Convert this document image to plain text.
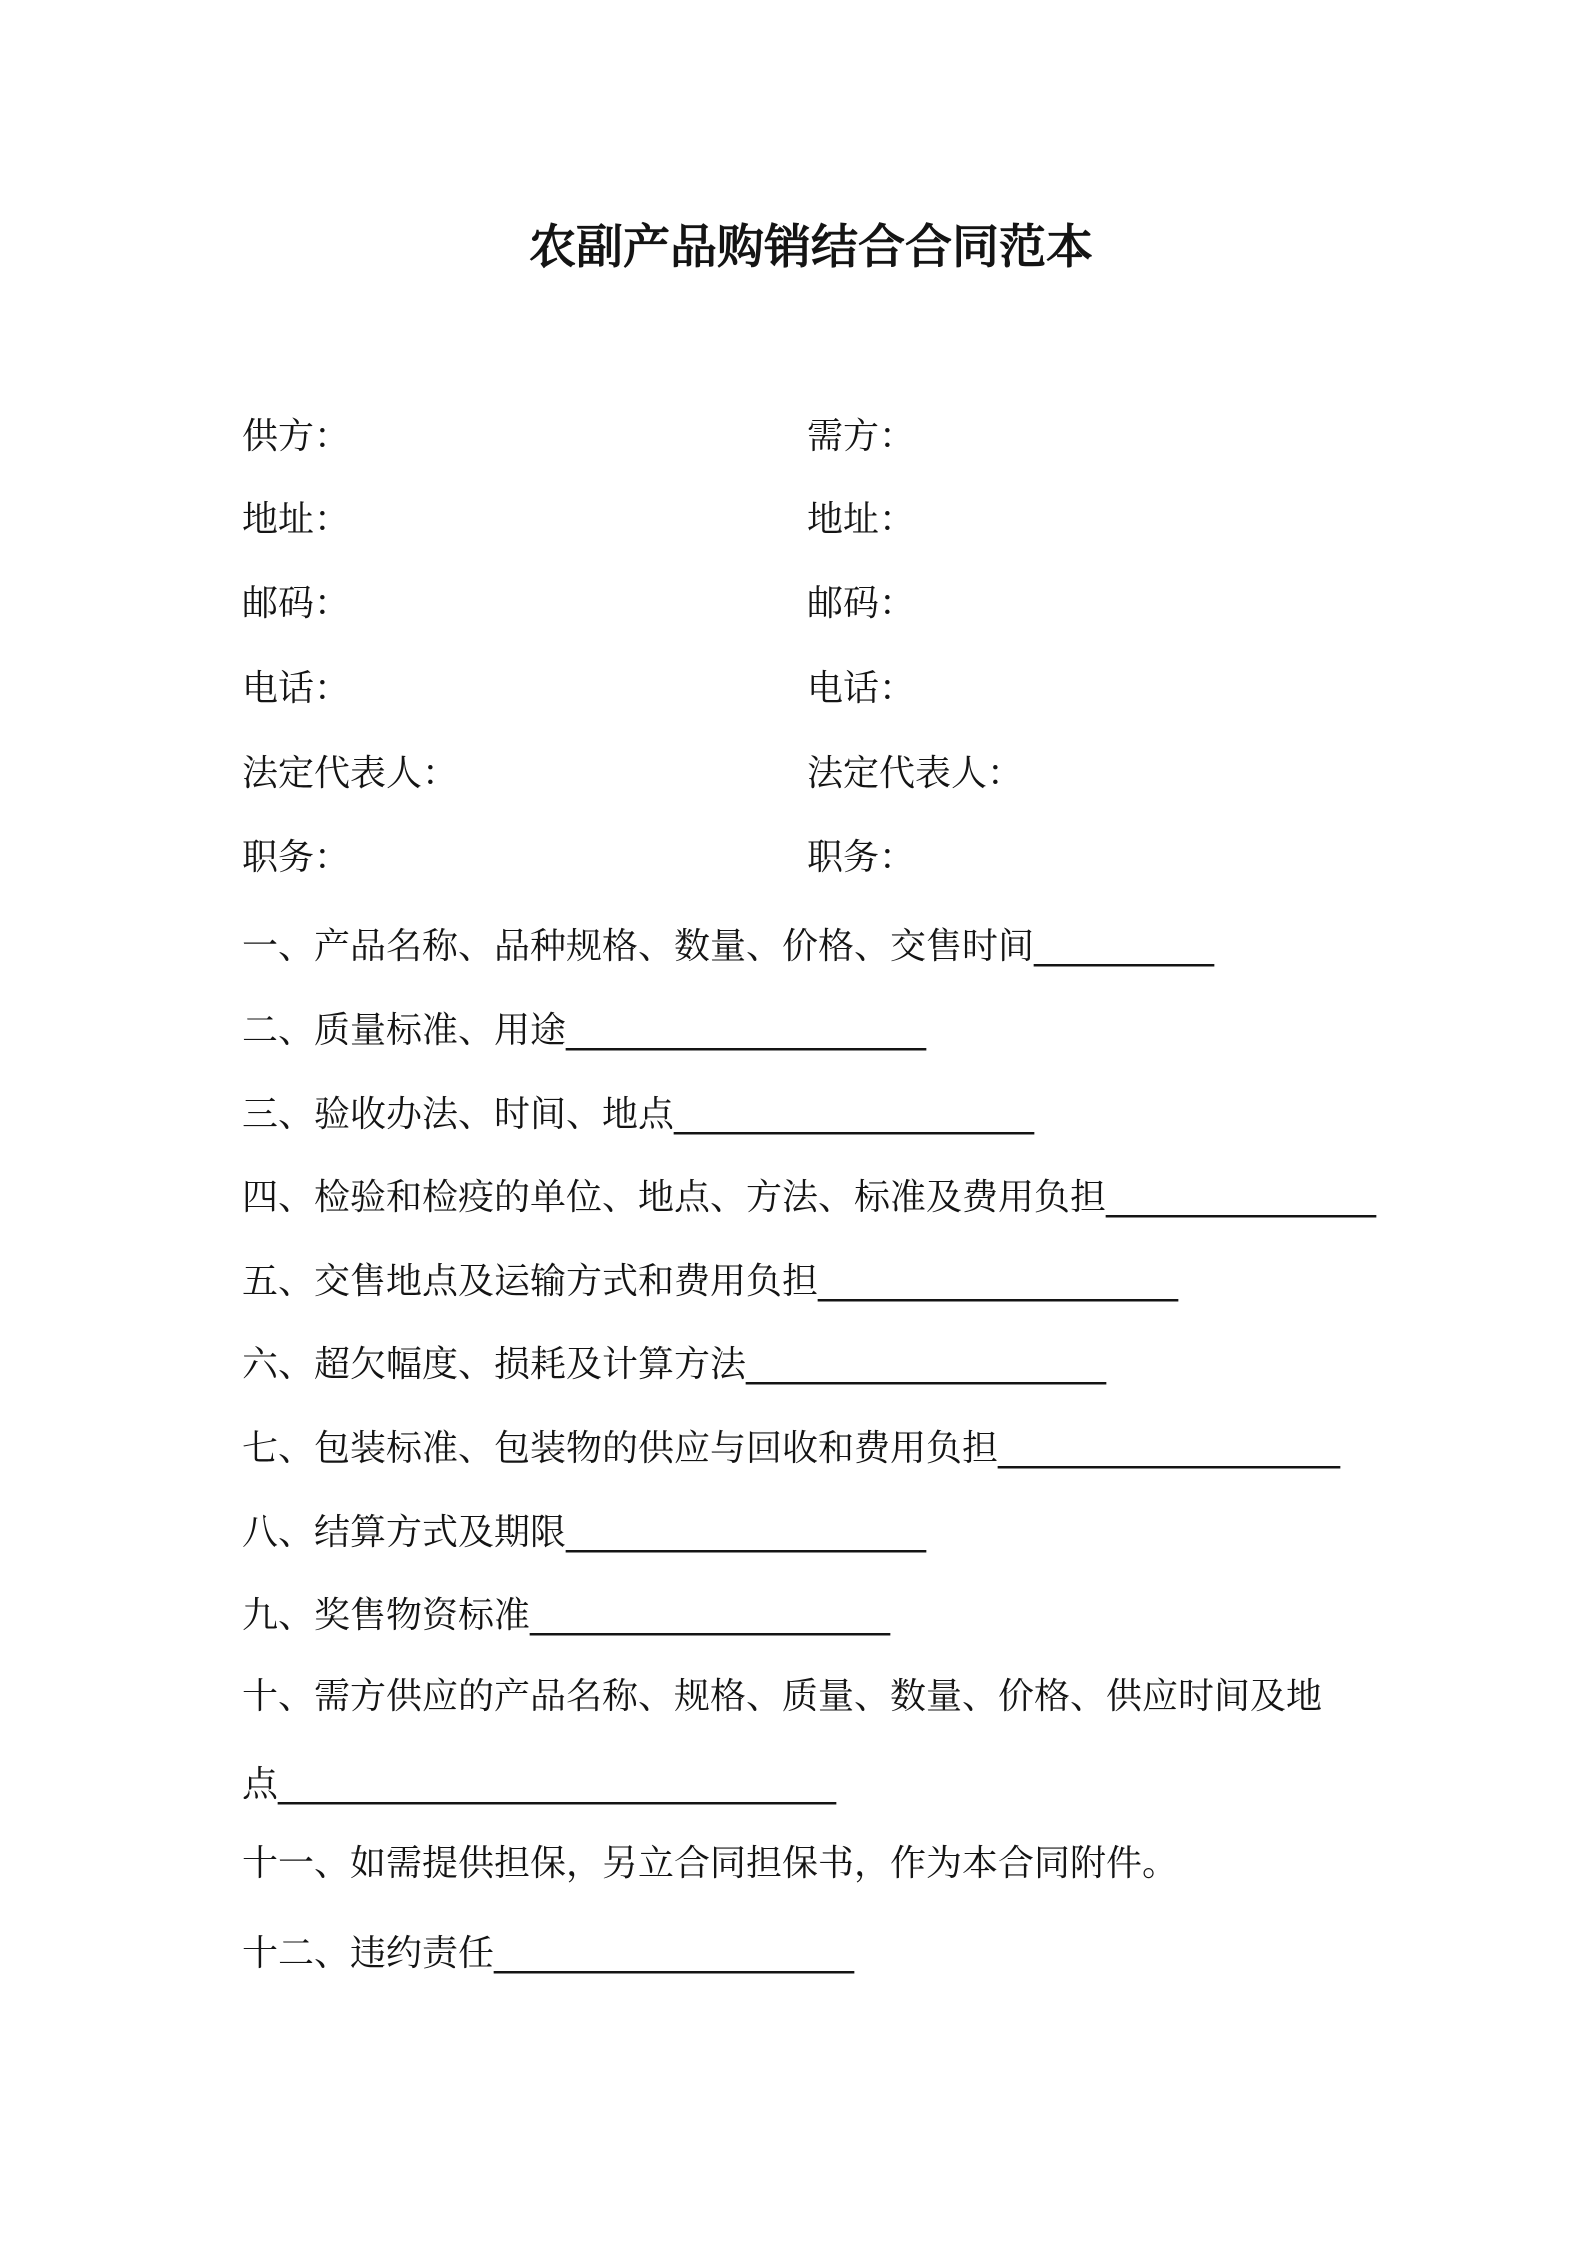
农副产品购销结合合同范本
供方：
地址：
邮码：
电话：
法定代表人：
职务：
需方：
地址：
邮码：
电话：
法定代表人：
职务：
一、产品名称、品种规格、数量、价格、交售时间__________
二、质量标准、用途____________________
三、验收办法、时间、地点____________________
四、检验和检疫的单位、地点、方法、标准及费用负担_______________
五、交售地点及运输方式和费用负担____________________
六、超欠幅度、损耗及计算方法____________________
七、包装标准、包装物的供应与回收和费用负担___________________
八、结算方式及期限____________________
九、奖售物资标准____________________
十、需方供应的产品名称、规格、质量、数量、价格、供应时间及地
点_______________________________
十一、如需提供担保，另立合同担保书，作为本合同附件。
十二、违约责任____________________
